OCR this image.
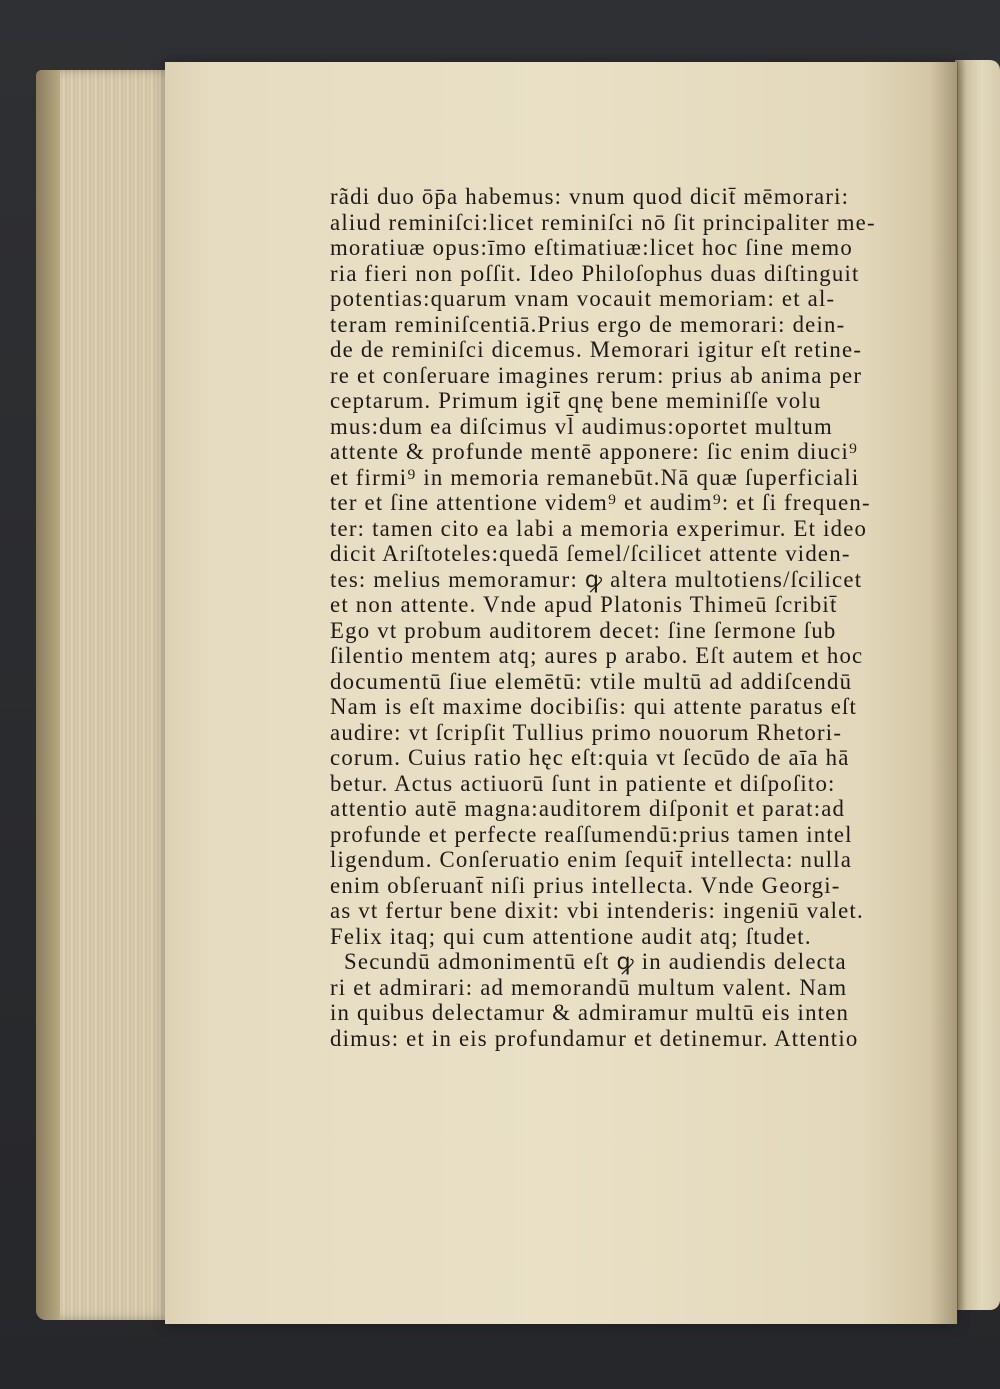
rãdi duo ōp̄a habemus: vnum quod dicit̄ mēmorari:
aliud reminiſci:licet reminiſci nō ſit principaliter me-
moratiuæ opus:īmo eſtimatiuæ:licet hoc ſine memo
ria fieri non poſſit. Ideo Philoſophus duas diſtinguit
potentias:quarum vnam vocauit memoriam: et al-
teram reminiſcentiā.Prius ergo de memorari: dein-
de de reminiſci dicemus. Memorari igitur eſt retine-
re et conſeruare imagines rerum: prius ab anima per
ceptarum. Primum igit̄ qnę bene meminiſſe volu
mus:dum ea diſcimus vl̄ audimus:oportet multum
attente & profunde mentē apponere: ſic enim diuci⁹
et firmi⁹ in memoria remanebūt.Nā quæ ſuperficiali
ter et ſine attentione videm⁹ et audim⁹: et ſi frequen-
ter: tamen cito ea labi a memoria experimur. Et ideo
dicit Ariſtoteles:quedā ſemel/ſcilicet attente viden-
tes: melius memoramur: ꝙ altera multotiens/ſcilicet
et non attente. Vnde apud Platonis Thimeū ſcribit̄
Ego vt probum auditorem decet: ſine ſermone ſub
ſilentio mentem atq; aures p arabo. Eſt autem et hoc
documentū ſiue elemētū: vtile multū ad addiſcendū
Nam is eſt maxime docibiſis: qui attente paratus eſt
audire: vt ſcripſit Tullius primo nouorum Rhetori-
corum. Cuius ratio hęc eſt:quia vt ſecūdo de aīa hā
betur. Actus actiuorū ſunt in patiente et diſpoſito:
attentio autē magna:auditorem diſponit et parat:ad
profunde et perfecte reaſſumendū:prius tamen intel
ligendum. Conſeruatio enim ſequit̄ intellecta: nulla
enim obſeruant̄ niſi prius intellecta. Vnde Georgi-
as vt fertur bene dixit: vbi intenderis: ingeniū valet.
Felix itaq; qui cum attentione audit atq; ſtudet.
Secundū admonimentū eſt ꝙ in audiendis delecta
ri et admirari: ad memorandū multum valent. Nam
in quibus delectamur & admiramur multū eis inten
dimus: et in eis profundamur et detinemur. Attentio
